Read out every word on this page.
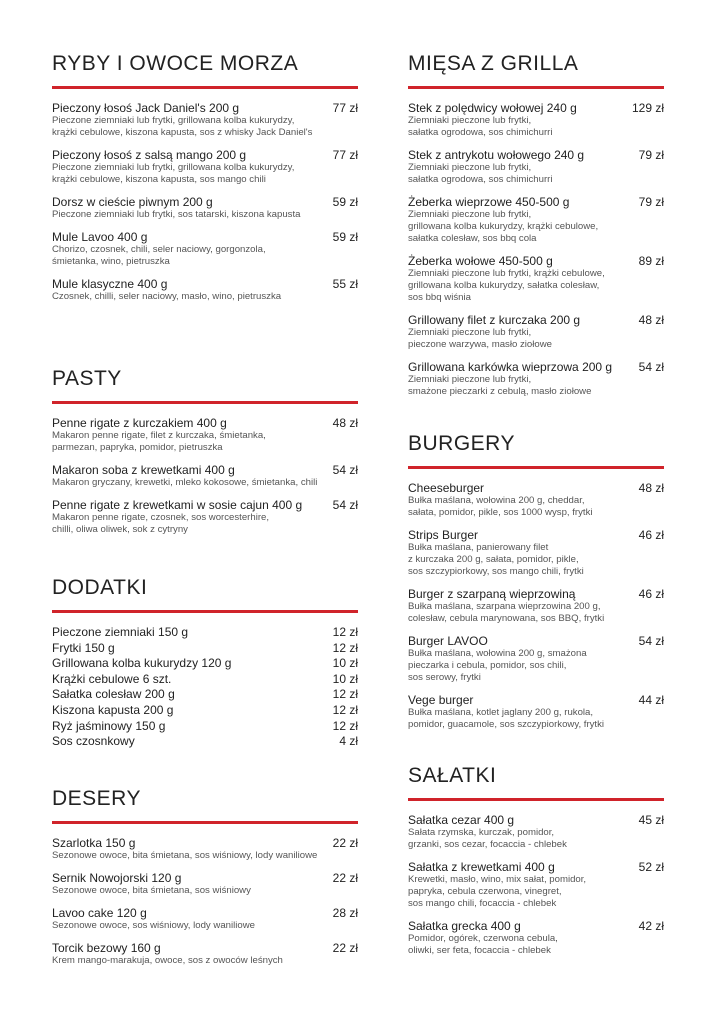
RYBY I OWOCE MORZA
Pieczony łosoś Jack Daniel's 200 g	77 zł
Pieczone ziemniaki lub frytki, grillowana kolba kukurydzy,
krążki cebulowe, kiszona kapusta, sos z whisky Jack Daniel's
Pieczony łosoś z salsą mango 200 g	77 zł
Pieczone ziemniaki lub frytki, grillowana kolba kukurydzy,
krążki cebulowe, kiszona kapusta, sos mango chili
Dorsz w cieście piwnym 200 g	59 zł
Pieczone ziemniaki lub frytki, sos tatarski, kiszona kapusta
Mule Lavoo 400 g	59 zł
Chorizo, czosnek, chili, seler naciowy, gorgonzola,
śmietanka, wino, pietruszka
Mule klasyczne 400 g	55 zł
Czosnek, chilli, seler naciowy, masło, wino, pietruszka
PASTY
Penne rigate z kurczakiem 400 g	48 zł
Makaron penne rigate, filet z kurczaka, śmietanka,
parmezan, papryka, pomidor, pietruszka
Makaron soba z krewetkami 400 g	54 zł
Makaron gryczany, krewetki, mleko kokosowe, śmietanka, chili
Penne rigate z krewetkami w sosie cajun 400 g	54 zł
Makaron penne rigate, czosnek, sos worcesterhire,
chilli, oliwa oliwek, sok z cytryny
DODATKI
Pieczone ziemniaki 150 g	12 zł
Frytki 150 g	12 zł
Grillowana kolba kukurydzy 120 g	10 zł
Krążki cebulowe 6 szt.	10 zł
Sałatka colesław 200 g	12 zł
Kiszona kapusta 200 g	12 zł
Ryż jaśminowy 150 g	12 zł
Sos czosnkowy	4 zł
DESERY
Szarlotka 150 g	22 zł
Sezonowe owoce, bita śmietana, sos wiśniowy, lody waniliowe
Sernik Nowojorski 120 g	22 zł
Sezonowe owoce, bita śmietana, sos wiśniowy
Lavoo cake 120 g	28 zł
Sezonowe owoce, sos wiśniowy, lody waniliowe
Torcik bezowy 160 g	22 zł
Krem mango-marakuja, owoce, sos z owoców leśnych
MIĘSA Z GRILLA
Stek z polędwicy wołowej 240 g	129 zł
Ziemniaki pieczone lub frytki,
sałatka ogrodowa, sos chimichurri
Stek z antrykotu wołowego 240 g	79 zł
Ziemniaki pieczone lub frytki,
sałatka ogrodowa, sos chimichurri
Żeberka wieprzowe 450-500 g	79 zł
Ziemniaki pieczone lub frytki,
grillowana kolba kukurydzy, krążki cebulowe,
sałatka colesław, sos bbq cola
Żeberka wołowe 450-500 g	89 zł
Ziemniaki pieczone lub frytki, krążki cebulowe,
grillowana kolba kukurydzy, sałatka colesław,
sos bbq wiśnia
Grillowany filet z kurczaka 200 g	48 zł
Ziemniaki pieczone lub frytki,
pieczone warzywa, masło ziołowe
Grillowana karkówka wieprzowa 200 g	54 zł
Ziemniaki pieczone lub frytki,
smażone pieczarki z cebulą, masło ziołowe
BURGERY
Cheeseburger	48 zł
Bułka maślana, wołowina 200 g, cheddar,
sałata, pomidor, pikle, sos 1000 wysp, frytki
Strips Burger	46 zł
Bułka maślana, panierowany filet
z kurczaka 200 g, sałata, pomidor, pikle,
sos szczypiorkowy, sos mango chili, frytki
Burger z szarpaną wieprzowiną	46 zł
Bułka maślana, szarpana wieprzowina 200 g,
colesław, cebula marynowana, sos BBQ, frytki
Burger LAVOO	54 zł
Bułka maślana, wołowina 200 g, smażona
pieczarka i cebula, pomidor, sos chili,
sos serowy, frytki
Vege burger	44 zł
Bułka maślana, kotlet jaglany 200 g, rukola,
pomidor, guacamole, sos szczypiorkowy, frytki
SAŁATKI
Sałatka cezar 400 g	45 zł
Sałata rzymska, kurczak, pomidor,
grzanki, sos cezar, focaccia - chlebek
Sałatka z krewetkami 400 g	52 zł
Krewetki, masło, wino, mix sałat, pomidor,
papryka, cebula czerwona, vinegret,
sos mango chili, focaccia - chlebek
Sałatka grecka 400 g	42 zł
Pomidor, ogórek, czerwona cebula,
oliwki, ser feta, focaccia - chlebek
